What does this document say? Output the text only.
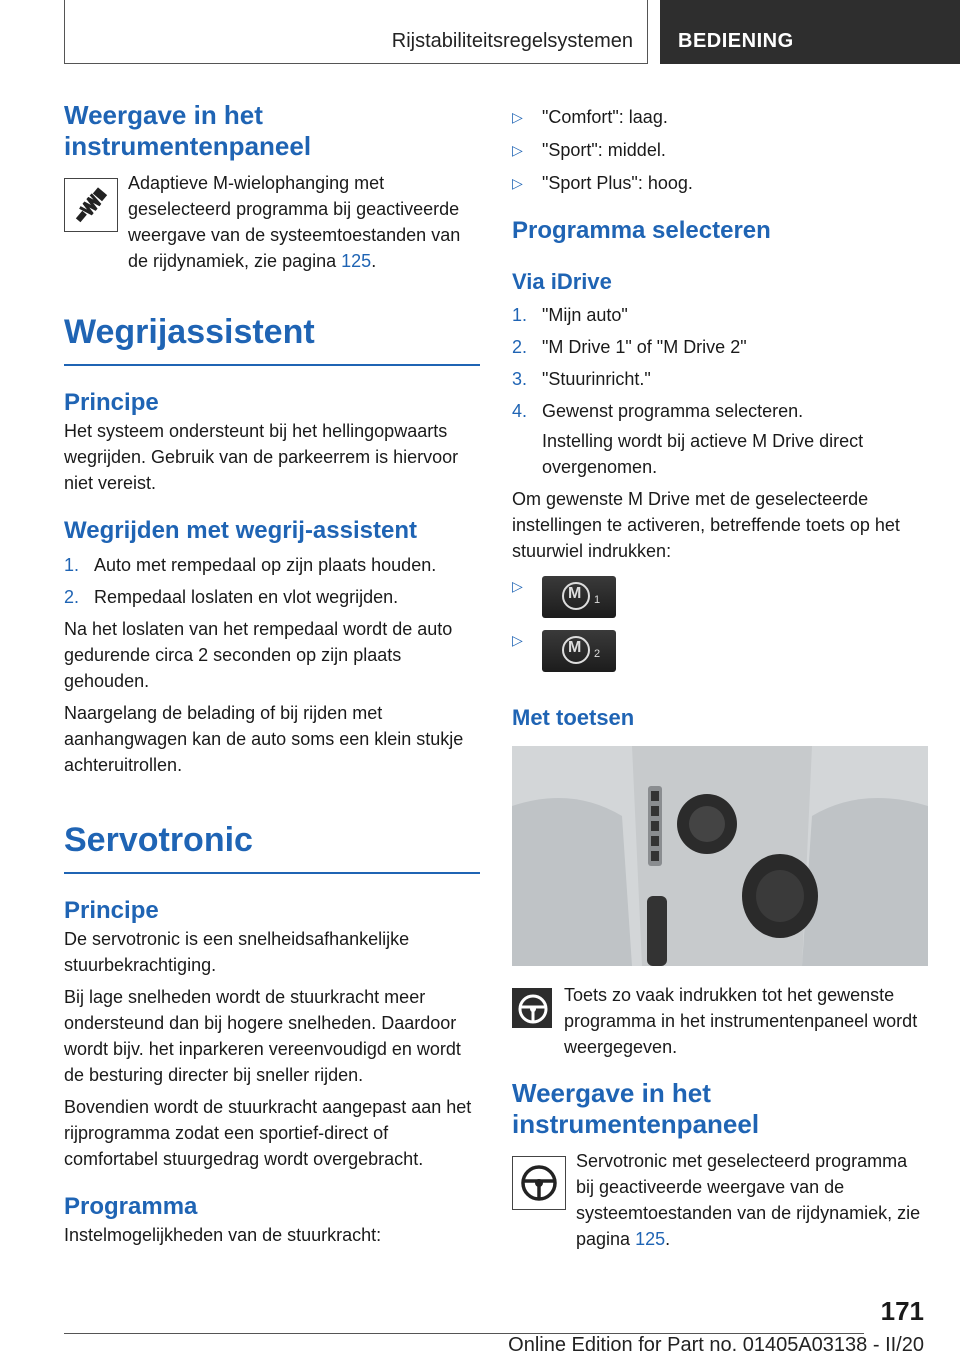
Rijstabiliteitsregelsystemen	BEDIENING
Weergave in het instrumentenpaneel

Adaptieve M-wielophanging met geselecteerd programma bij geactiveerde weergave van de systeemtoestanden van de rijdynamiek, zie pagina 125.

Wegrijassistent
Principe

Het systeem ondersteunt bij het hellingopwaarts wegrijden. Gebruik van de parkeerrem is hiervoor niet vereist.

Wegrijden met wegrij-assistent
1. Auto met rempedaal op zijn plaats houden.
2. Rempedaal loslaten en vlot wegrijden.

Na het loslaten van het rempedaal wordt de auto gedurende circa 2 seconden op zijn plaats gehouden.

Naargelang de belading of bij rijden met aanhangwagen kan de auto soms een klein stukje achteruitrollen.

Servotronic
Principe

De servotronic is een snelheidsafhankelijke stuurbekrachtiging.

Bij lage snelheden wordt de stuurkracht meer ondersteund dan bij hogere snelheden. Daardoor wordt bijv. het inparkeren vereenvoudigd en wordt de besturing directer bij sneller rijden.

Bovendien wordt de stuurkracht aangepast aan het rijprogramma zodat een sportief-direct of comfortabel stuurgedrag wordt overgebracht.

Programma

Instelmogelijkheden van de stuurkracht:

▷ "Comfort": laag.
▷ "Sport": middel.
▷ "Sport Plus": hoog.
Programma selecteren
Via iDrive
1. "Mijn auto"
2. "M Drive 1" of "M Drive 2"
3. "Stuurinricht."
4. Gewenst programma selecteren.

Instelling wordt bij actieve M Drive direct overgenomen.

Om gewenste M Drive met de geselecteerde instellingen te activeren, betreffende toets op het stuurwiel indrukken:

▷	M 1
▷	M 2
Met toetsen

Toets zo vaak indrukken tot het gewenste programma in het instrumentenpaneel wordt weergegeven.

Weergave in het instrumentenpaneel

Servotronic met geselecteerd programma bij geactiveerde weergave van de systeemtoestanden van de rijdynamiek, zie pagina 125.

171
Online Edition for Part no. 01405A03138 - II/20
